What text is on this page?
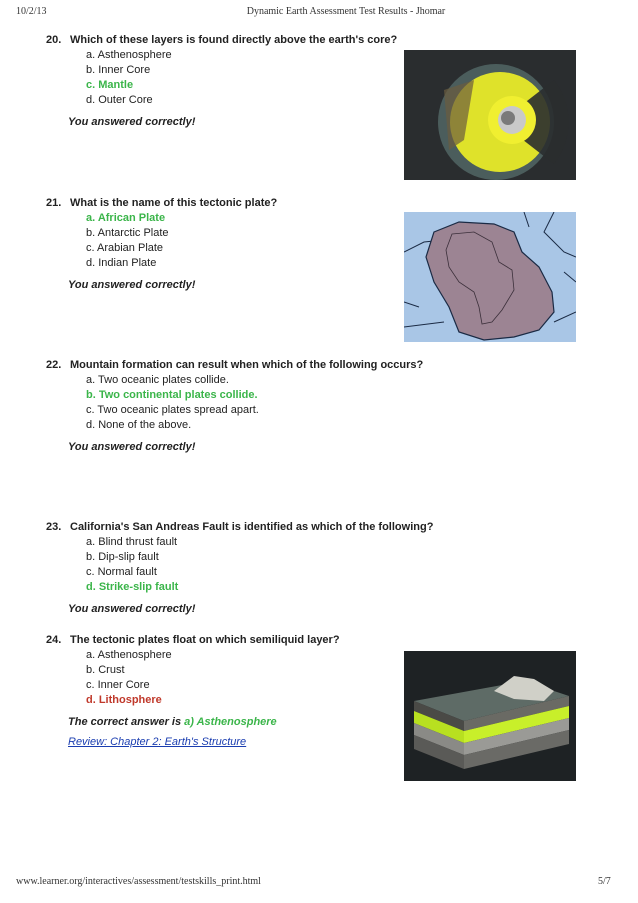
10/2/13	Dynamic Earth Assessment Test Results - Jhomar
20. Which of these layers is found directly above the earth's core?
a. Asthenosphere
b. Inner Core
c. Mantle
d. Outer Core
You answered correctly!
21. What is the name of this tectonic plate?
a. African Plate
b. Antarctic Plate
c. Arabian Plate
d. Indian Plate
You answered correctly!
22. Mountain formation can result when which of the following occurs?
a. Two oceanic plates collide.
b. Two continental plates collide.
c. Two oceanic plates spread apart.
d. None of the above.
You answered correctly!
23. California's San Andreas Fault is identified as which of the following?
a. Blind thrust fault
b. Dip-slip fault
c. Normal fault
d. Strike-slip fault
You answered correctly!
24. The tectonic plates float on which semiliquid layer?
a. Asthenosphere
b. Crust
c. Inner Core
d. Lithosphere
The correct answer is a) Asthenosphere
Review: Chapter 2: Earth's Structure
www.learner.org/interactives/assessment/testskills_print.html	5/7
